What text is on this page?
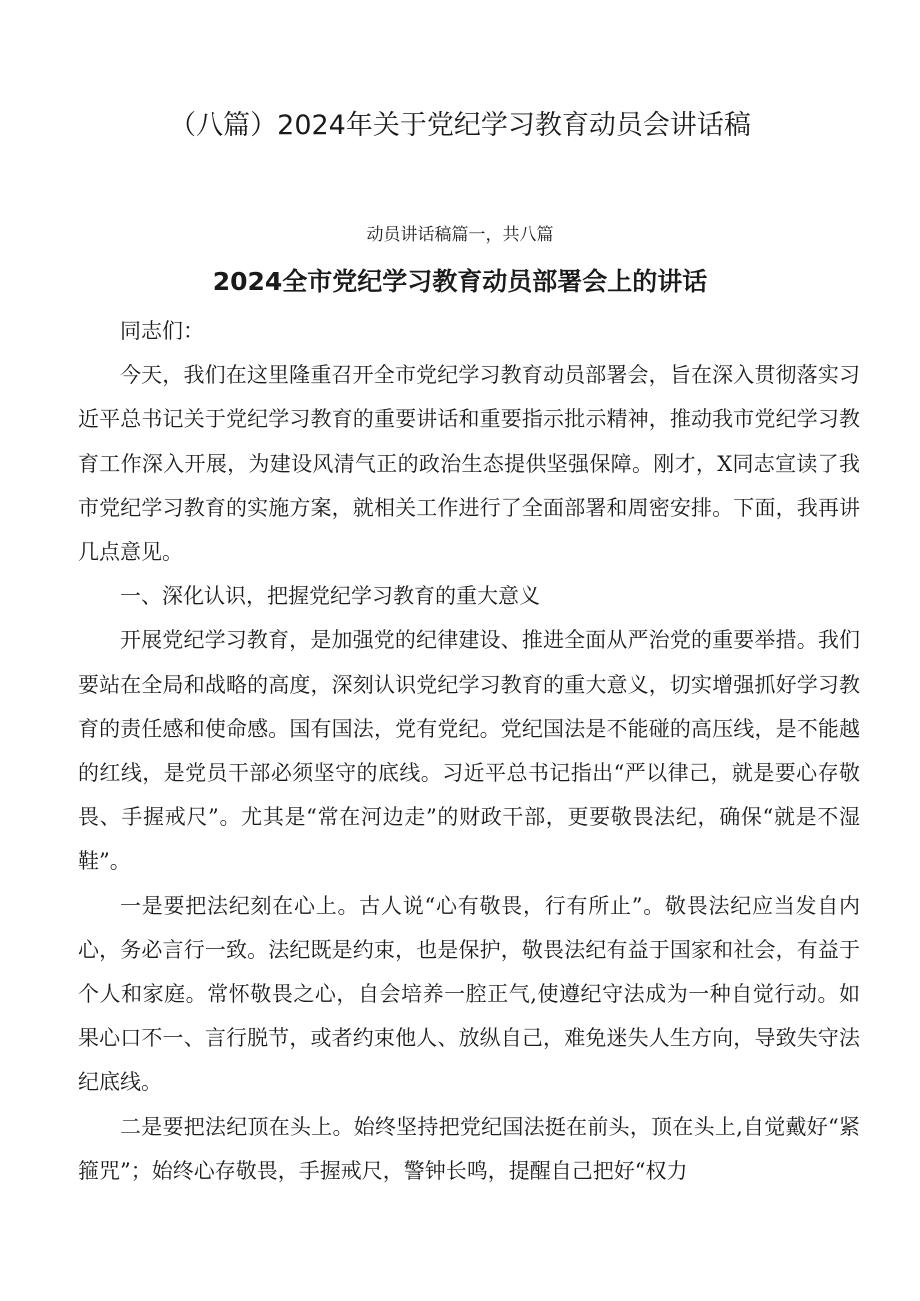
（八篇）2024年关于党纪学习教育动员会讲话稿
动员讲话稿篇一，共八篇
2024全市党纪学习教育动员部署会上的讲话

同志们：

今天，我们在这里隆重召开全市党纪学习教育动员部署会，旨在深入贯彻落实习近平总书记关于党纪学习教育的重要讲话和重要指示批示精神，推动我市党纪学习教育工作深入开展，为建设风清气正的政治生态提供坚强保障。刚才，X同志宣读了我市党纪学习教育的实施方案，就相关工作进行了全面部署和周密安排。下面，我再讲几点意见。

一、深化认识，把握党纪学习教育的重大意义

开展党纪学习教育，是加强党的纪律建设、推进全面从严治党的重要举措。我们要站在全局和战略的高度，深刻认识党纪学习教育的重大意义，切实增强抓好学习教育的责任感和使命感。国有国法，党有党纪。党纪国法是不能碰的高压线，是不能越的红线，是党员干部必须坚守的底线。习近平总书记指出“严以律己，就是要心存敬畏、手握戒尺”。尤其是“常在河边走”的财政干部，更要敬畏法纪，确保“就是不湿鞋”。

一是要把法纪刻在心上。古人说“心有敬畏，行有所止”。敬畏法纪应当发自内心，务必言行一致。法纪既是约束，也是保护，敬畏法纪有益于国家和社会，有益于个人和家庭。常怀敬畏之心，自会培养一腔正气,使遵纪守法成为一种自觉行动。如果心口不一、言行脱节，或者约束他人、放纵自己，难免迷失人生方向，导致失守法纪底线。

二是要把法纪顶在头上。始终坚持把党纪国法挺在前头，顶在头上,自觉戴好“紧箍咒”；始终心存敬畏，手握戒尺，警钟长鸣，提醒自己把好“权力
